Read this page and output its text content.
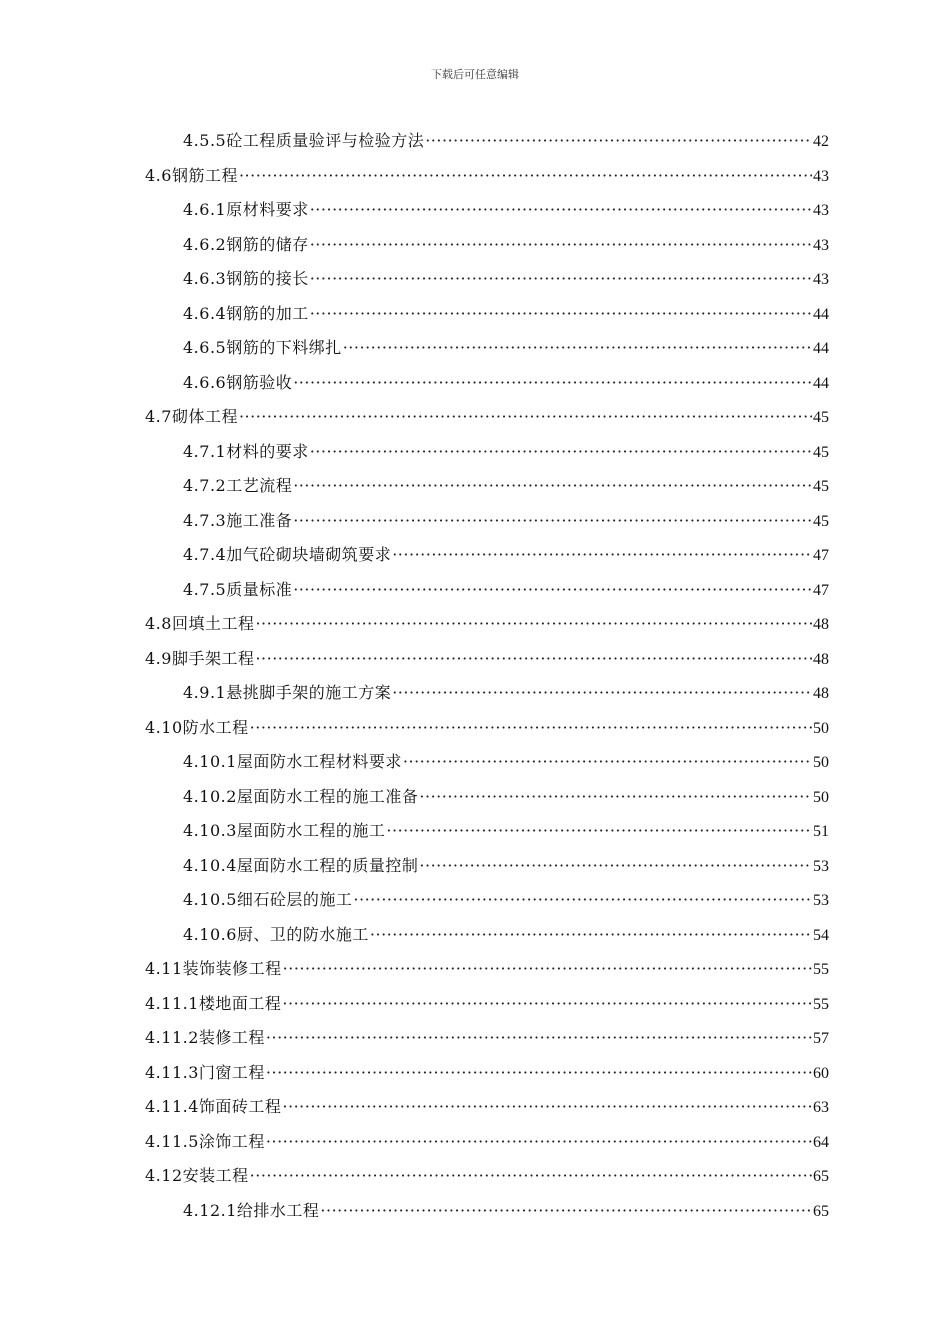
下载后可任意编辑
4.5.5砼工程质量验评与检验方法 ·····	42
4.6钢筋工程 ·····	43
4.6.1原材料要求 ·····	43
4.6.2钢筋的储存 ·····	43
4.6.3钢筋的接长 ·····	43
4.6.4钢筋的加工 ·····	44
4.6.5钢筋的下料绑扎 ·····	44
4.6.6钢筋验收 ·····	44
4.7砌体工程 ·····	45
4.7.1材料的要求 ·····	45
4.7.2工艺流程 ·····	45
4.7.3施工准备 ·····	45
4.7.4加气砼砌块墙砌筑要求 ·····	47
4.7.5质量标准 ·····	47
4.8回填土工程 ·····	48
4.9脚手架工程 ·····	48
4.9.1悬挑脚手架的施工方案 ·····	48
4.10防水工程 ·····	50
4.10.1屋面防水工程材料要求 ·····	50
4.10.2屋面防水工程的施工准备 ·····	50
4.10.3屋面防水工程的施工 ·····	51
4.10.4屋面防水工程的质量控制 ·····	53
4.10.5细石砼层的施工 ·····	53
4.10.6厨、卫的防水施工 ·····	54
4.11装饰装修工程 ·····	55
4.11.1楼地面工程 ·····	55
4.11.2装修工程 ·····	57
4.11.3门窗工程 ·····	60
4.11.4饰面砖工程 ·····	63
4.11.5涂饰工程 ·····	64
4.12安装工程 ·····	65
4.12.1给排水工程 ·····	65
